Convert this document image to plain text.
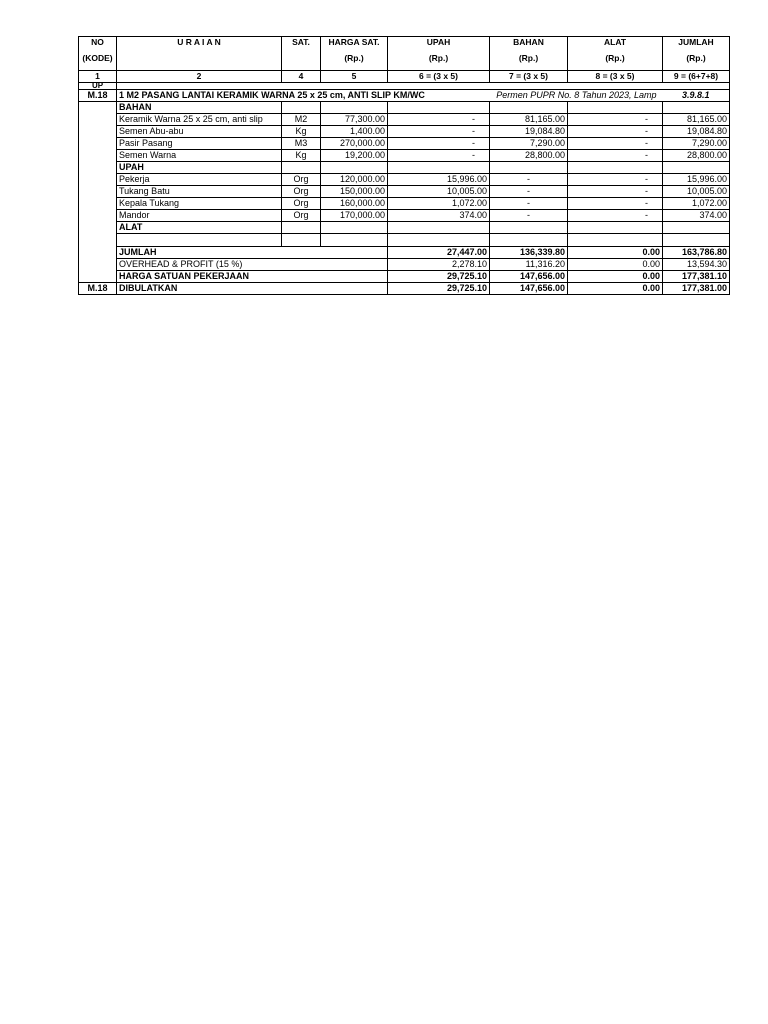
NO	U R A I A N	SAT.	HARGA SAT.	UPAH	BAHAN	ALAT	JUMLAH
(KODE)			(Rp.)	(Rp.)	(Rp.)	(Rp.)	(Rp.)
1	2	4	5	6 = (3 x 5)	7 = (3 x 5)	8 = (3 x 5)	9 = (6+7+8)
UP							
M.18	1 M2 PASANG LANTAI KERAMIK WARNA 25 x 25 cm, ANTI SLIP KM/WC				Permen PUPR No. 8 Tahun 2023, Lamp		3.9.8.1
	BAHAN						
	Keramik Warna 25 x 25 cm, anti slip	M2	77,300.00	-	81,165.00	-	81,165.00
	Semen Abu-abu	Kg	1,400.00	-	19,084.80	-	19,084.80
	Pasir Pasang	M3	270,000.00	-	7,290.00	-	7,290.00
	Semen Warna	Kg	19,200.00	-	28,800.00	-	28,800.00
	UPAH						
	Pekerja	Org	120,000.00	15,996.00	-	-	15,996.00
	Tukang Batu	Org	150,000.00	10,005.00	-	-	10,005.00
	Kepala Tukang	Org	160,000.00	1,072.00	-	-	1,072.00
	Mandor	Org	170,000.00	374.00	-	-	374.00
	ALAT						

	JUMLAH			27,447.00	136,339.80	0.00	163,786.80
	OVERHEAD & PROFIT (15 %)			2,278.10	11,316.20	0.00	13,594.30
	HARGA SATUAN PEKERJAAN			29,725.10	147,656.00	0.00	177,381.10
M.18	DIBULATKAN			29,725.10	147,656.00	0.00	177,381.00
